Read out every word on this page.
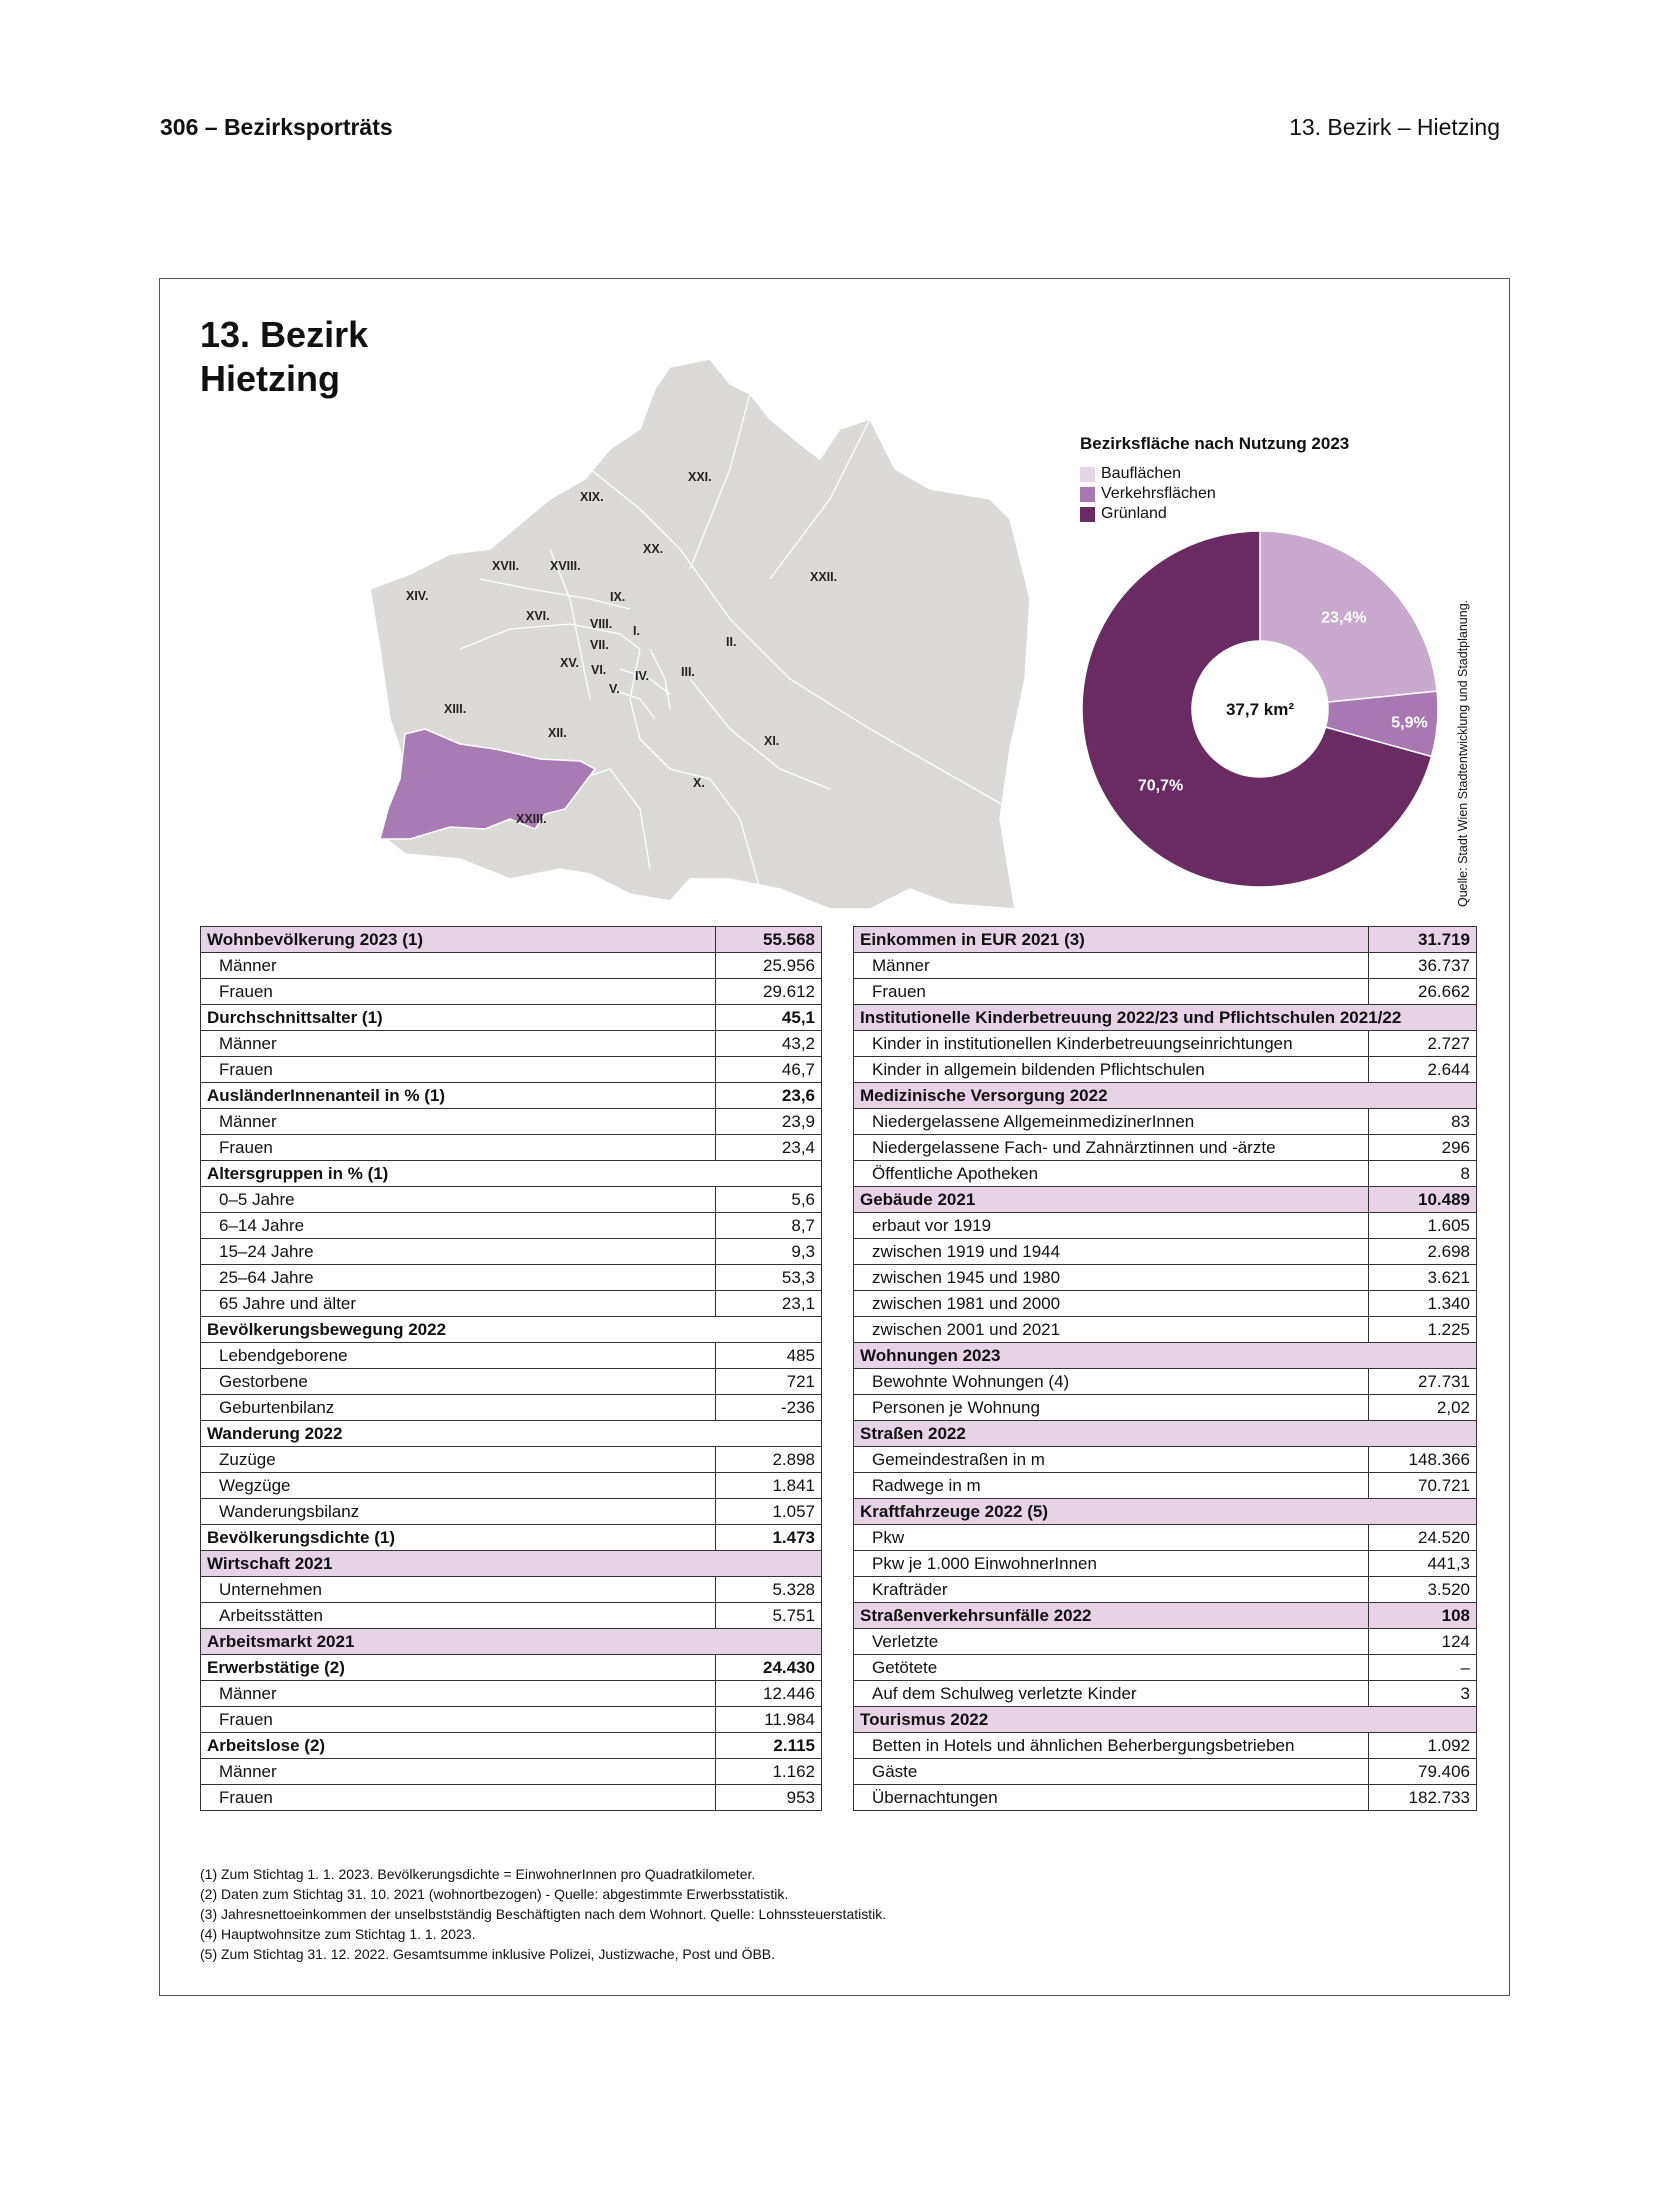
306 – Bezirksporträts	13. Bezirk – Hietzing
13. Bezirk
Hietzing
XXI.
XIX.
XX.
XVII. XVIII.
XXII.
XIV.	IX.
XVI.
VIII. I.
II.
VII.
XV. VI. IV.	III.
V.
XIII.
XII.
XI.
X.
XXIII.
Bezirksfläche nach Nutzung 2023
Bauflächen
Verkehrsflächen
Grünland
23,4%
5,9%
70,7%
37,7 km²	Quelle: Stadt Wien Stadtentwicklung und Stadtplanung.
Wohnbevölkerung 2023 (1)	55.568
Männer	25.956
Frauen	29.612
Durchschnittsalter (1)	45,1
Männer	43,2
Frauen	46,7
AusländerInnenanteil in % (1)	23,6
Männer	23,9
Frauen	23,4
Altersgruppen in % (1)	
0–5 Jahre	5,6
6–14 Jahre	8,7
15–24 Jahre	9,3
25–64 Jahre	53,3
65 Jahre und älter	23,1
Bevölkerungsbewegung 2022	
Lebendgeborene	485
Gestorbene	721
Geburtenbilanz	-236
Wanderung 2022	
Zuzüge	2.898
Wegzüge	1.841
Wanderungsbilanz	1.057
Bevölkerungsdichte (1)	1.473
Wirtschaft 2021	
Unternehmen	5.328
Arbeitsstätten	5.751
Arbeitsmarkt 2021	
Erwerbstätige (2)	24.430
Männer	12.446
Frauen	11.984
Arbeitslose (2)	2.115
Männer	1.162
Frauen	953
Einkommen in EUR 2021 (3)	31.719
Männer	36.737
Frauen	26.662
Institutionelle Kinderbetreuung 2022/23 und Pflichtschulen 2021/22	
Kinder in institutionellen Kinderbetreuungseinrichtungen	2.727
Kinder in allgemein bildenden Pflichtschulen	2.644
Medizinische Versorgung 2022	
Niedergelassene AllgemeinmedizinerInnen	83
Niedergelassene Fach- und Zahnärztinnen und -ärzte	296
Öffentliche Apotheken	8
Gebäude 2021	10.489
erbaut vor 1919	1.605
zwischen 1919 und 1944	2.698
zwischen 1945 und 1980	3.621
zwischen 1981 und 2000	1.340
zwischen 2001 und 2021	1.225
Wohnungen 2023	
Bewohnte Wohnungen (4)	27.731
Personen je Wohnung	2,02
Straßen 2022	
Gemeindestraßen in m	148.366
Radwege in m	70.721
Kraftfahrzeuge 2022 (5)	
Pkw	24.520
Pkw je 1.000 EinwohnerInnen	441,3
Krafträder	3.520
Straßenverkehrsunfälle 2022	108
Verletzte	124
Getötete	–
Auf dem Schulweg verletzte Kinder	3
Tourismus 2022	
Betten in Hotels und ähnlichen Beherbergungsbetrieben	1.092
Gäste	79.406
Übernachtungen	182.733
(1) Zum Stichtag 1. 1. 2023. Bevölkerungsdichte = EinwohnerInnen pro Quadratkilometer.
(2) Daten zum Stichtag 31. 10. 2021 (wohnortbezogen) - Quelle: abgestimmte Erwerbsstatistik.
(3) Jahresnettoeinkommen der unselbstständig Beschäftigten nach dem Wohnort. Quelle: Lohnssteuerstatistik.
(4) Hauptwohnsitze zum Stichtag 1. 1. 2023.
(5) Zum Stichtag 31. 12. 2022. Gesamtsumme inklusive Polizei, Justizwache, Post und ÖBB.
